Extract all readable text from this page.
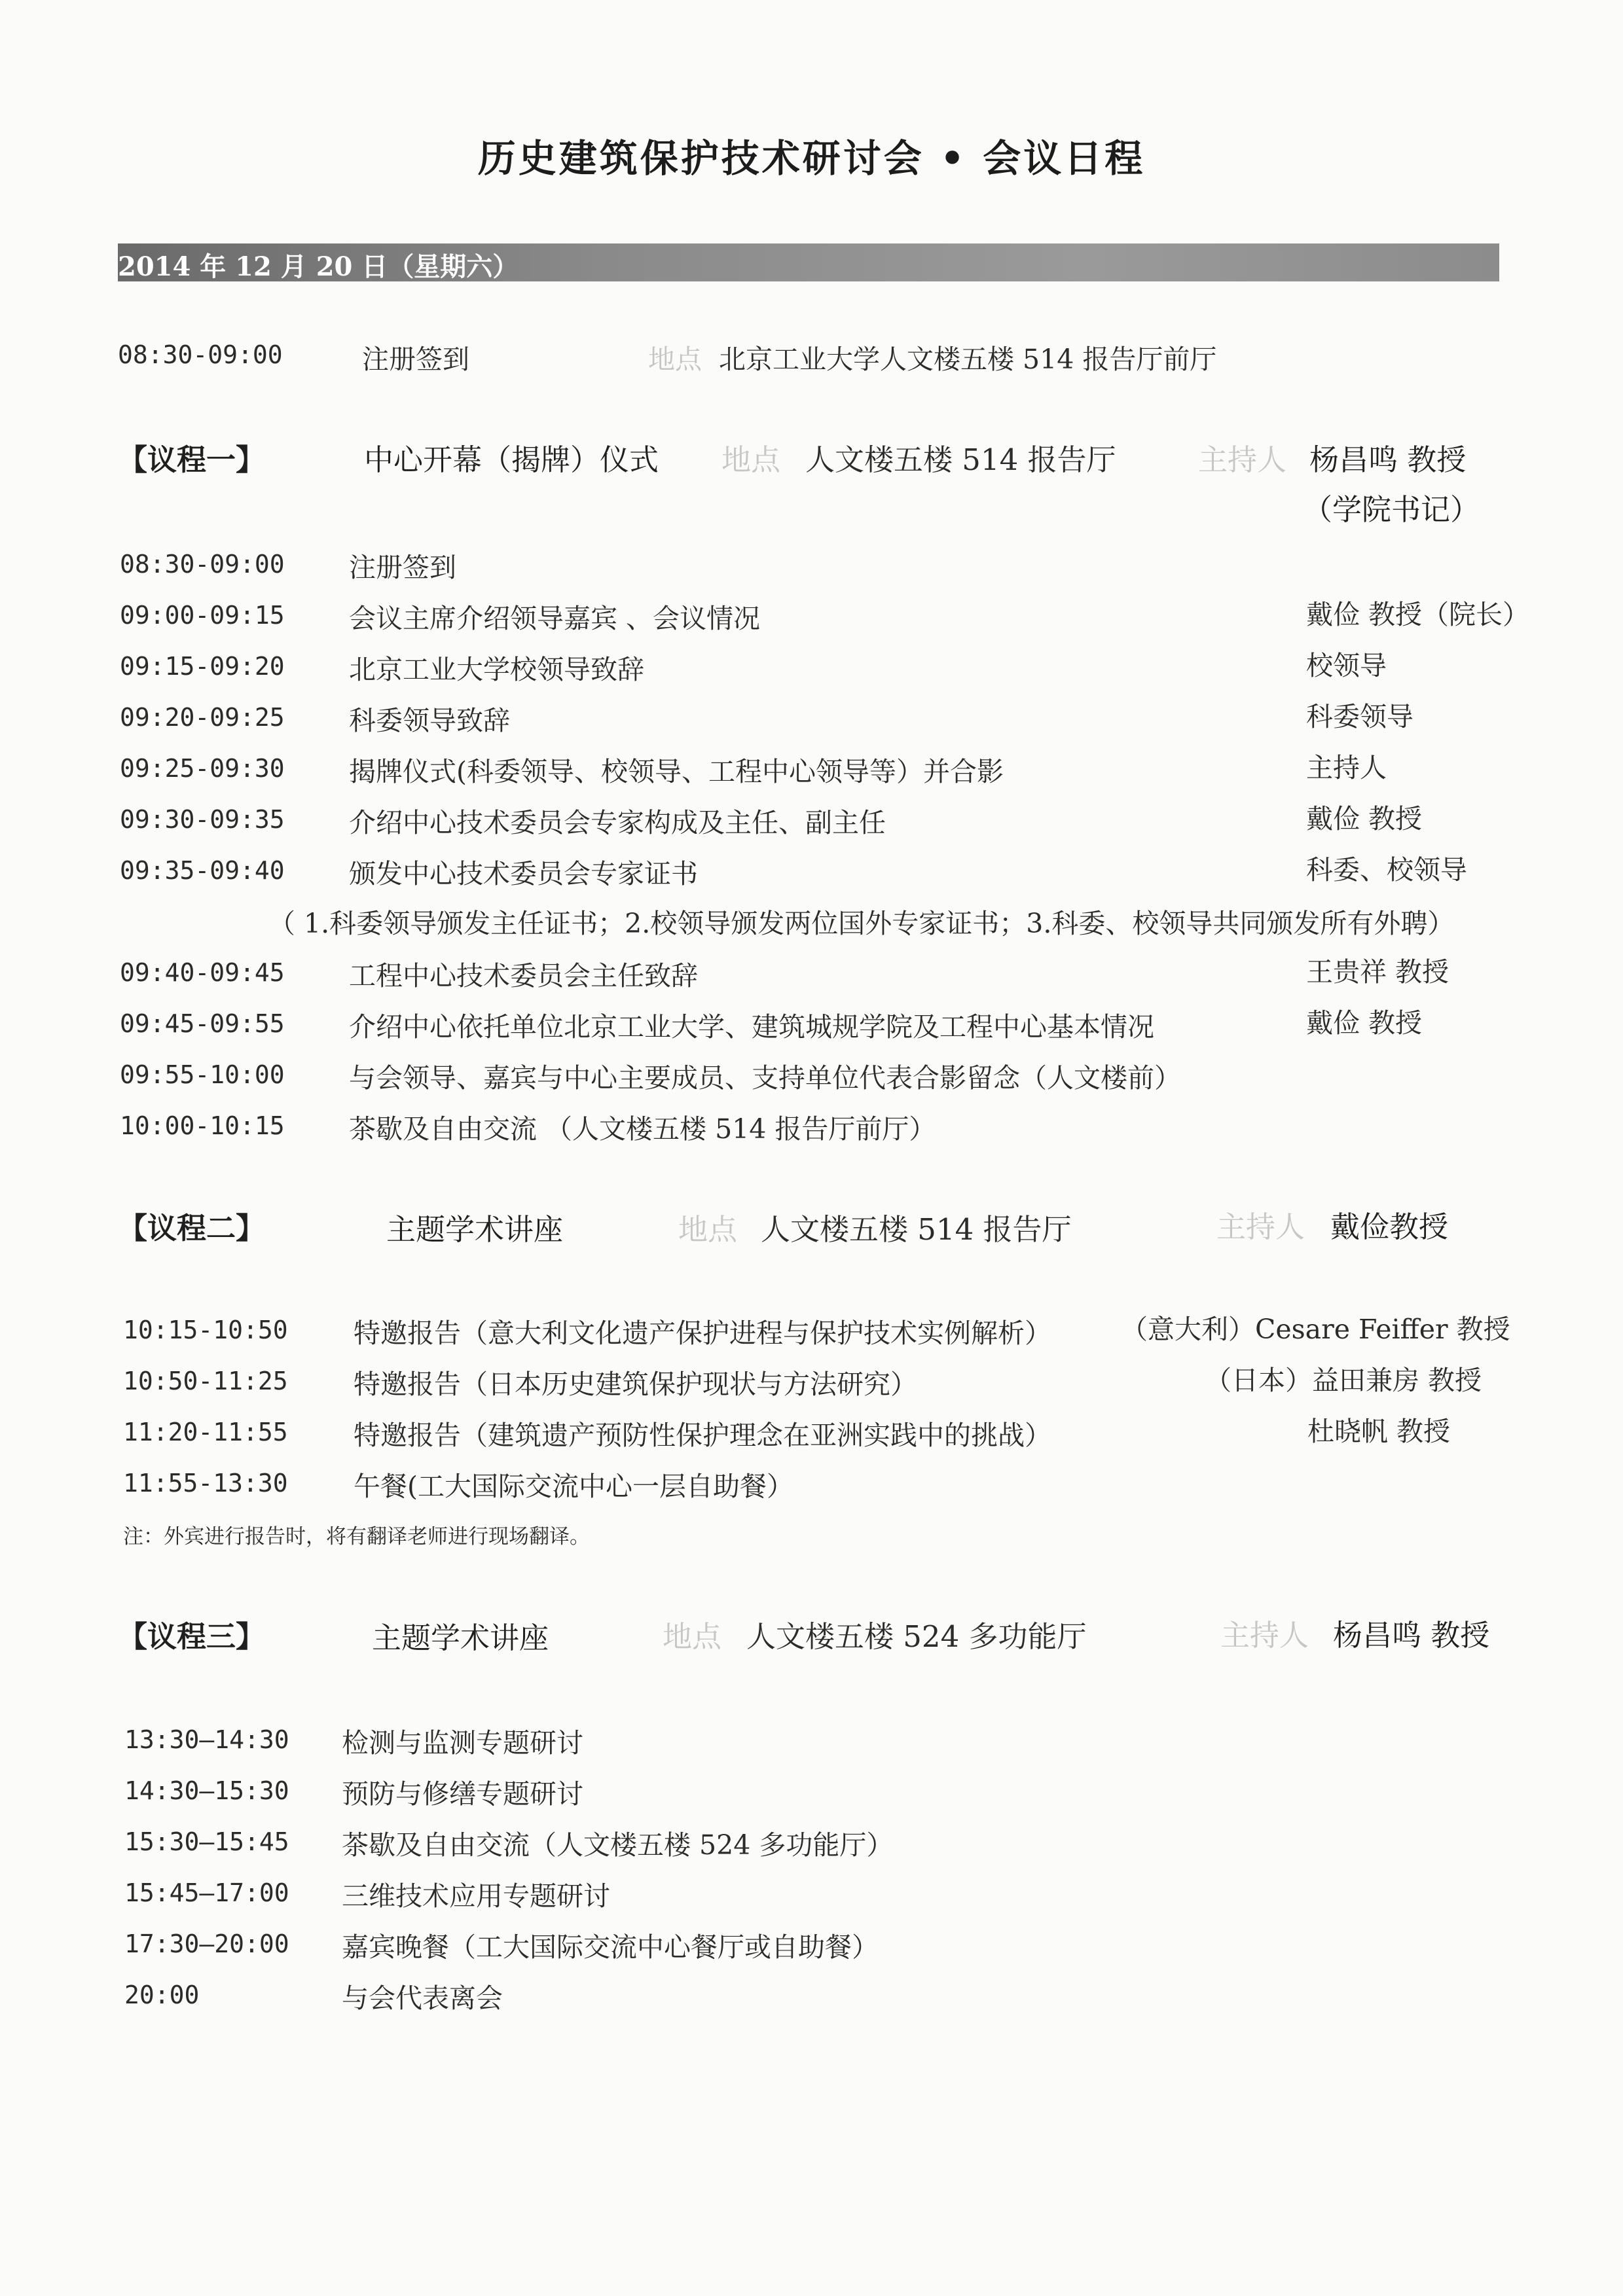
历史建筑保护技术研讨会 • 会议日程
2014 年 12 月 20 日（星期六）
08:30-09:00	注册签到	地点 北京工业大学人文楼五楼 514 报告厅前厅
【议程一】	中心开幕（揭牌）仪式 地点 人文楼五楼 514 报告厅	主持人 杨昌鸣 教授
（学院书记）
08:30-09:00 注册签到
09:00-09:15 会议主席介绍领导嘉宾 、会议情况	戴俭 教授（院长）
09:15-09:20 北京工业大学校领导致辞	校领导
09:20-09:25 科委领导致辞	科委领导
09:25-09:30 揭牌仪式(科委领导、校领导、工程中心领导等）并合影	主持人
09:30-09:35 介绍中心技术委员会专家构成及主任、副主任	戴俭 教授
09:35-09:40 颁发中心技术委员会专家证书	科委、校领导
（ 1.科委领导颁发主任证书；2.校领导颁发两位国外专家证书；3.科委、校领导共同颁发所有外聘）
09:40-09:45 工程中心技术委员会主任致辞	王贵祥 教授
09:45-09:55 介绍中心依托单位北京工业大学、建筑城规学院及工程中心基本情况	戴俭 教授
09:55-10:00 与会领导、嘉宾与中心主要成员、支持单位代表合影留念（人文楼前）
10:00-10:15 茶歇及自由交流 （人文楼五楼 514 报告厅前厅）
【议程二】	主题学术讲座	地点 人文楼五楼 514 报告厅	主持人 戴俭教授
10:15-10:50 特邀报告（意大利文化遗产保护进程与保护技术实例解析）	（意大利）Cesare Feiffer 教授
10:50-11:25 特邀报告（日本历史建筑保护现状与方法研究）	（日本）益田兼房 教授
11:20-11:55 特邀报告（建筑遗产预防性保护理念在亚洲实践中的挑战）	杜晓帆 教授
11:55-13:30 午餐(工大国际交流中心一层自助餐）
注：外宾进行报告时，将有翻译老师进行现场翻译。
【议程三】	主题学术讲座	地点 人文楼五楼 524 多功能厅	主持人 杨昌鸣 教授
13:30—14:30 检测与监测专题研讨
14:30—15:30 预防与修缮专题研讨
15:30—15:45 茶歇及自由交流（人文楼五楼 524 多功能厅）
15:45—17:00 三维技术应用专题研讨
17:30—20:00 嘉宾晚餐（工大国际交流中心餐厅或自助餐）
20:00	与会代表离会
